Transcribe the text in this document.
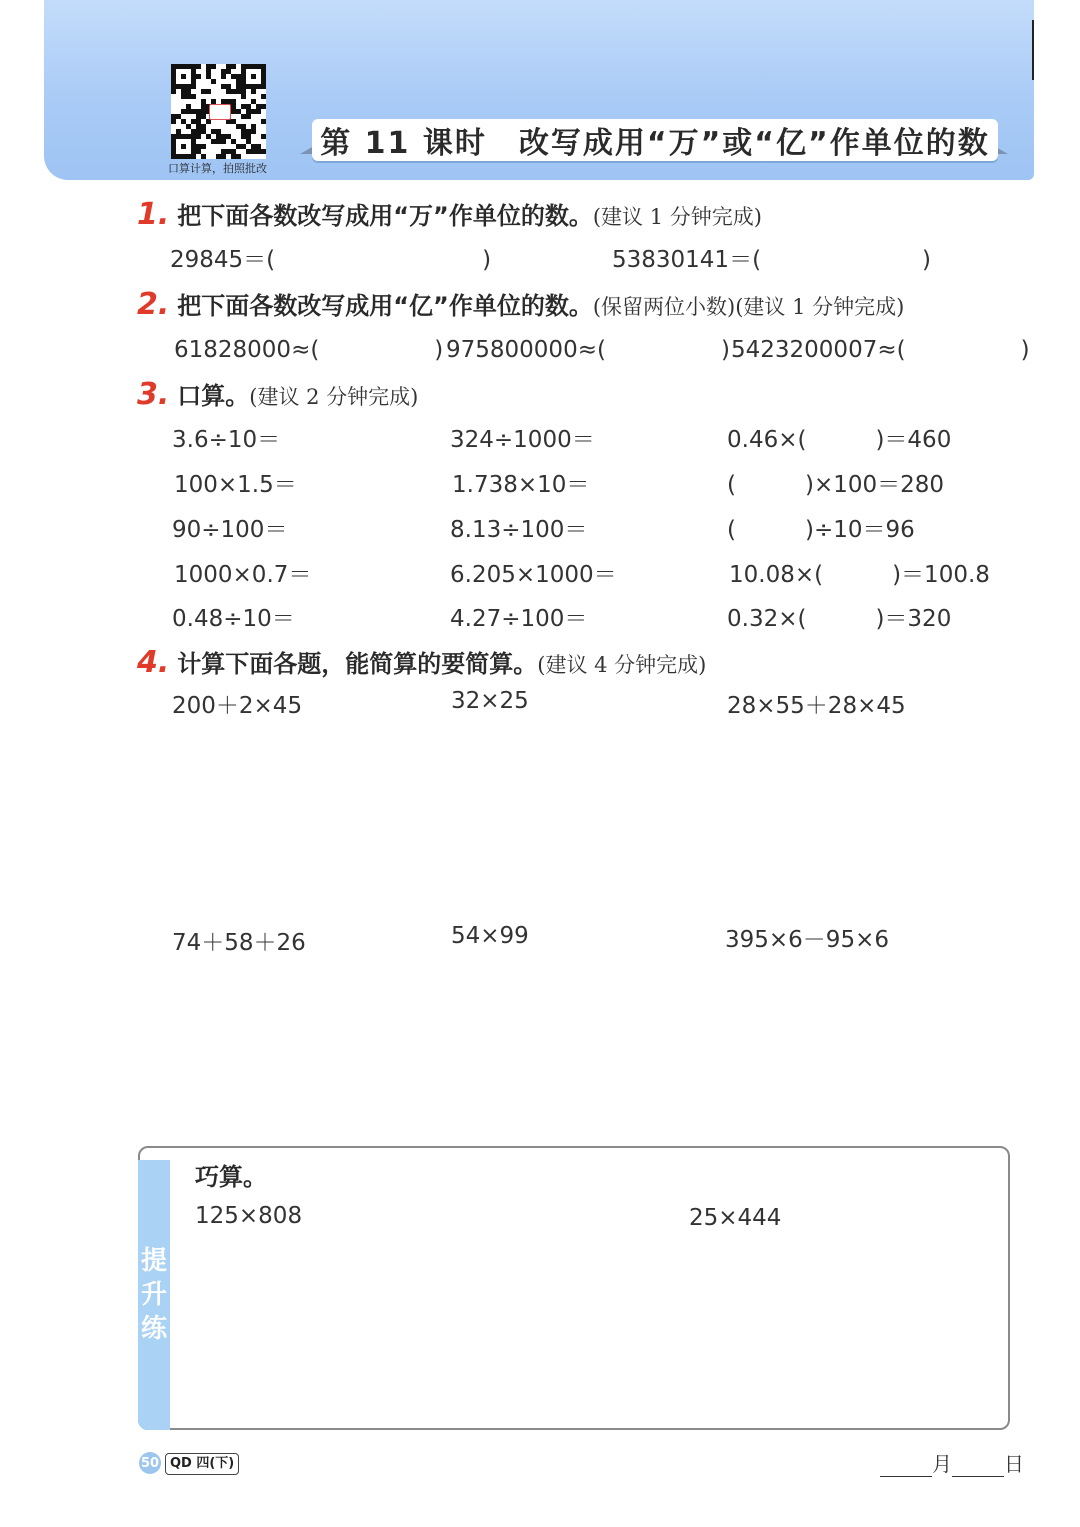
口算计算，拍照批改
第 11 课时　改写成用“万”或“亿”作单位的数
1. 把下面各数改写成用“万”作单位的数。(建议 1 分钟完成)
29845＝(　　　　　　　　　)	53830141＝(　　　　　　　)
2. 把下面各数改写成用“亿”作单位的数。(保留两位小数)(建议 1 分钟完成)
61828000≈(　　　　　) 975800000≈(　　　　　) 5423200007≈(　　　　　)
3. 口算。(建议 2 分钟完成)
3.6÷10＝	324÷1000＝	0.46×(　　　)＝460
100×1.5＝	1.738×10＝	(　　　)×100＝280
90÷100＝	8.13÷100＝	(　　　)÷10＝96
1000×0.7＝	6.205×1000＝	10.08×(　　　)＝100.8
0.48÷10＝	4.27÷100＝	0.32×(　　　)＝320
4. 计算下面各题，能简算的要简算。(建议 4 分钟完成)
200＋2×45	32×25	28×55＋28×45
74＋58＋26	54×99	395×6－95×6
提
升
练
巧算。
125×808	25×444
50 QD 四(下)	月	日
